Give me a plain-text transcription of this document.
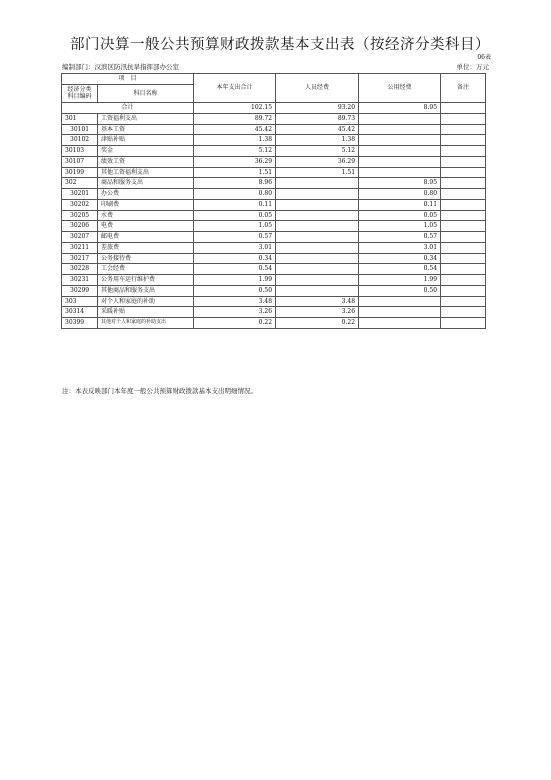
部门决算一般公共预算财政拨款基本支出表（按经济分类科目）
06表
编制部门：汉滨区防汛抗旱指挥部办公室	单位：万元
项　目		本年支出合计	人员经费	公用经费	备注
经济分类科目编码	科目名称				
合计		102.15	93.20	8.95	
301	工资福利支出	89.72	89.73		
30101	基本工资	45.42	45.42		
30102	津贴补贴	1.38	1.38		
30103	奖金	5.12	5.12		
30107	绩效工资	36.29	36.29		
30199	其他工资福利支出	1.51	1.51		
302	商品和服务支出	8.96		8.95	
30201	办公费	0.80		0.80	
30202	印刷费	0.11		0.11	
30205	水费	0.05		0.05	
30206	电费	1.05		1.05	
30207	邮电费	0.57		0.57	
30211	差旅费	3.01		3.01	
30217	公务接待费	0.34		0.34	
30228	工会经费	0.54		0.54	
30231	公务用车运行维护费	1.99		1.99	
30299	其他商品和服务支出	0.50		0.50	
303	对个人和家庭的补助	3.48	3.48		
30314	采暖补贴	3.26	3.26		
30399	其他对个人和家庭的补助支出	0.22	0.22		
注：本表反映部门本年度一般公共预算财政拨款基本支出明细情况。
